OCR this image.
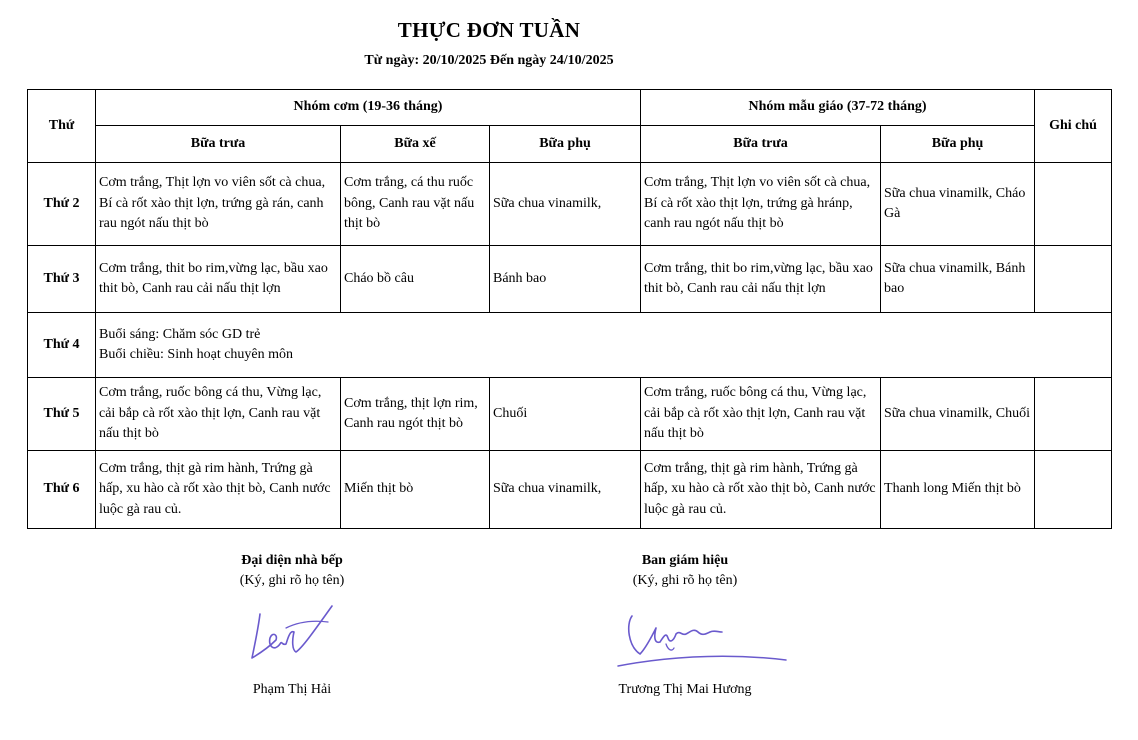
THỰC ĐƠN TUẦN
Từ ngày: 20/10/2025 Đến ngày 24/10/2025
Thứ	Nhóm cơm (19-36 tháng)			Nhóm mẫu giáo (37-72 tháng)		Ghi chú
	Bữa trưa	Bữa xế	Bữa phụ	Bữa trưa	Bữa phụ	
Thứ 2	Cơm trắng, Thịt lợn vo viên sốt cà chua, Bí cà rốt xào thịt lợn, trứng gà rán, canh rau ngót nấu thịt bò	Cơm trắng, cá thu ruốc bông, Canh rau vặt nấu thịt bò	Sữa chua vinamilk,	Cơm trắng, Thịt lợn vo viên sốt cà chua, Bí cà rốt xào thịt lợn, trứng gà hránp, canh rau ngót nấu thịt bò	Sữa chua vinamilk, Cháo Gà	
Thứ 3	Cơm trắng, thit bo rim,vừng lạc, bầu xao thit bò, Canh rau cải nấu thịt lợn	Cháo bồ câu	Bánh bao	Cơm trắng, thit bo rim,vừng lạc, bầu xao thit bò, Canh rau cải nấu thịt lợn	Sữa chua vinamilk, Bánh bao	
Thứ 4	Buổi sáng: Chăm sóc GD trẻ
Buổi chiều: Sinh hoạt chuyên môn					

Thứ 5	Cơm trắng, ruốc bông cá thu, Vừng lạc, cải bắp cà rốt xào thịt lợn, Canh rau vặt nấu thịt bò	Cơm trắng, thịt lợn rim, Canh rau ngót thịt bò	Chuối	Cơm trắng, ruốc bông cá thu, Vừng lạc, cải bắp cà rốt xào thịt lợn, Canh rau vặt nấu thịt bò	Sữa chua vinamilk, Chuối	
Thứ 6	Cơm trắng, thịt gà rim hành, Trứng gà hấp, xu hào cà rốt xào thịt bò, Canh nước luộc gà rau củ.	Miến thịt bò	Sữa chua vinamilk,	Cơm trắng, thịt gà rim hành, Trứng gà hấp, xu hào cà rốt xào thịt bò, Canh nước luộc gà rau củ.	Thanh long Miến thịt bò	
Đại diện nhà bếp
(Ký, ghi rõ họ tên)
Phạm Thị Hải
Ban giám hiệu
(Ký, ghi rõ họ tên)
Trương Thị Mai Hương
